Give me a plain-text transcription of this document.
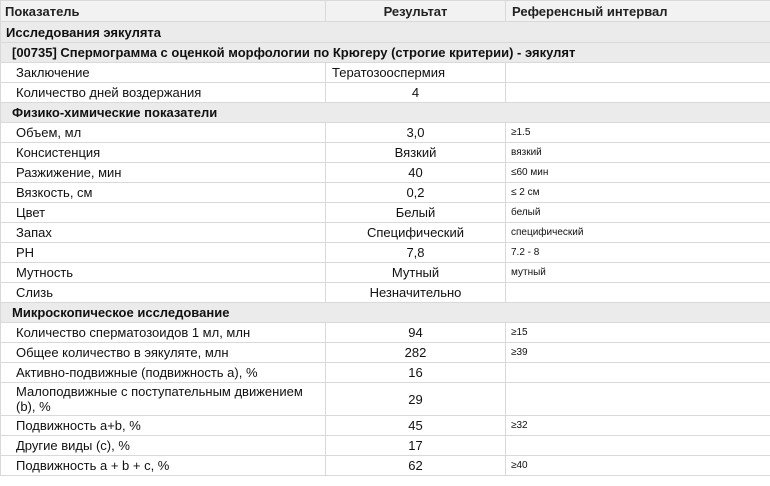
Показатель	Результат	Референсный интервал
Исследования эякулята		
[00735] Спермограмма с оценкой морфологии по Крюгеру (строгие критерии) - эякулят		
Заключение	Тератозооспермия	
Количество дней воздержания	4	
Физико-химические показатели		
Объем, мл	3,0	≥1.5
Консистенция	Вязкий	вязкий
Разжижение, мин	40	≤60 мин
Вязкость, см	0,2	≤ 2 см
Цвет	Белый	белый
Запах	Специфический	специфический
PH	7,8	7.2 - 8
Мутность	Мутный	мутный
Слизь	Незначительно	
Микроскопическое исследование		
Количество сперматозоидов 1 мл, млн	94	≥15
Общее количество в эякуляте, млн	282	≥39
Активно-подвижные (подвижность a), %	16	
Малоподвижные с поступательным движением (b), %	29	
Подвижность a+b, %	45	≥32
Другие виды (c), %	17	
Подвижность a + b + c, %	62	≥40
